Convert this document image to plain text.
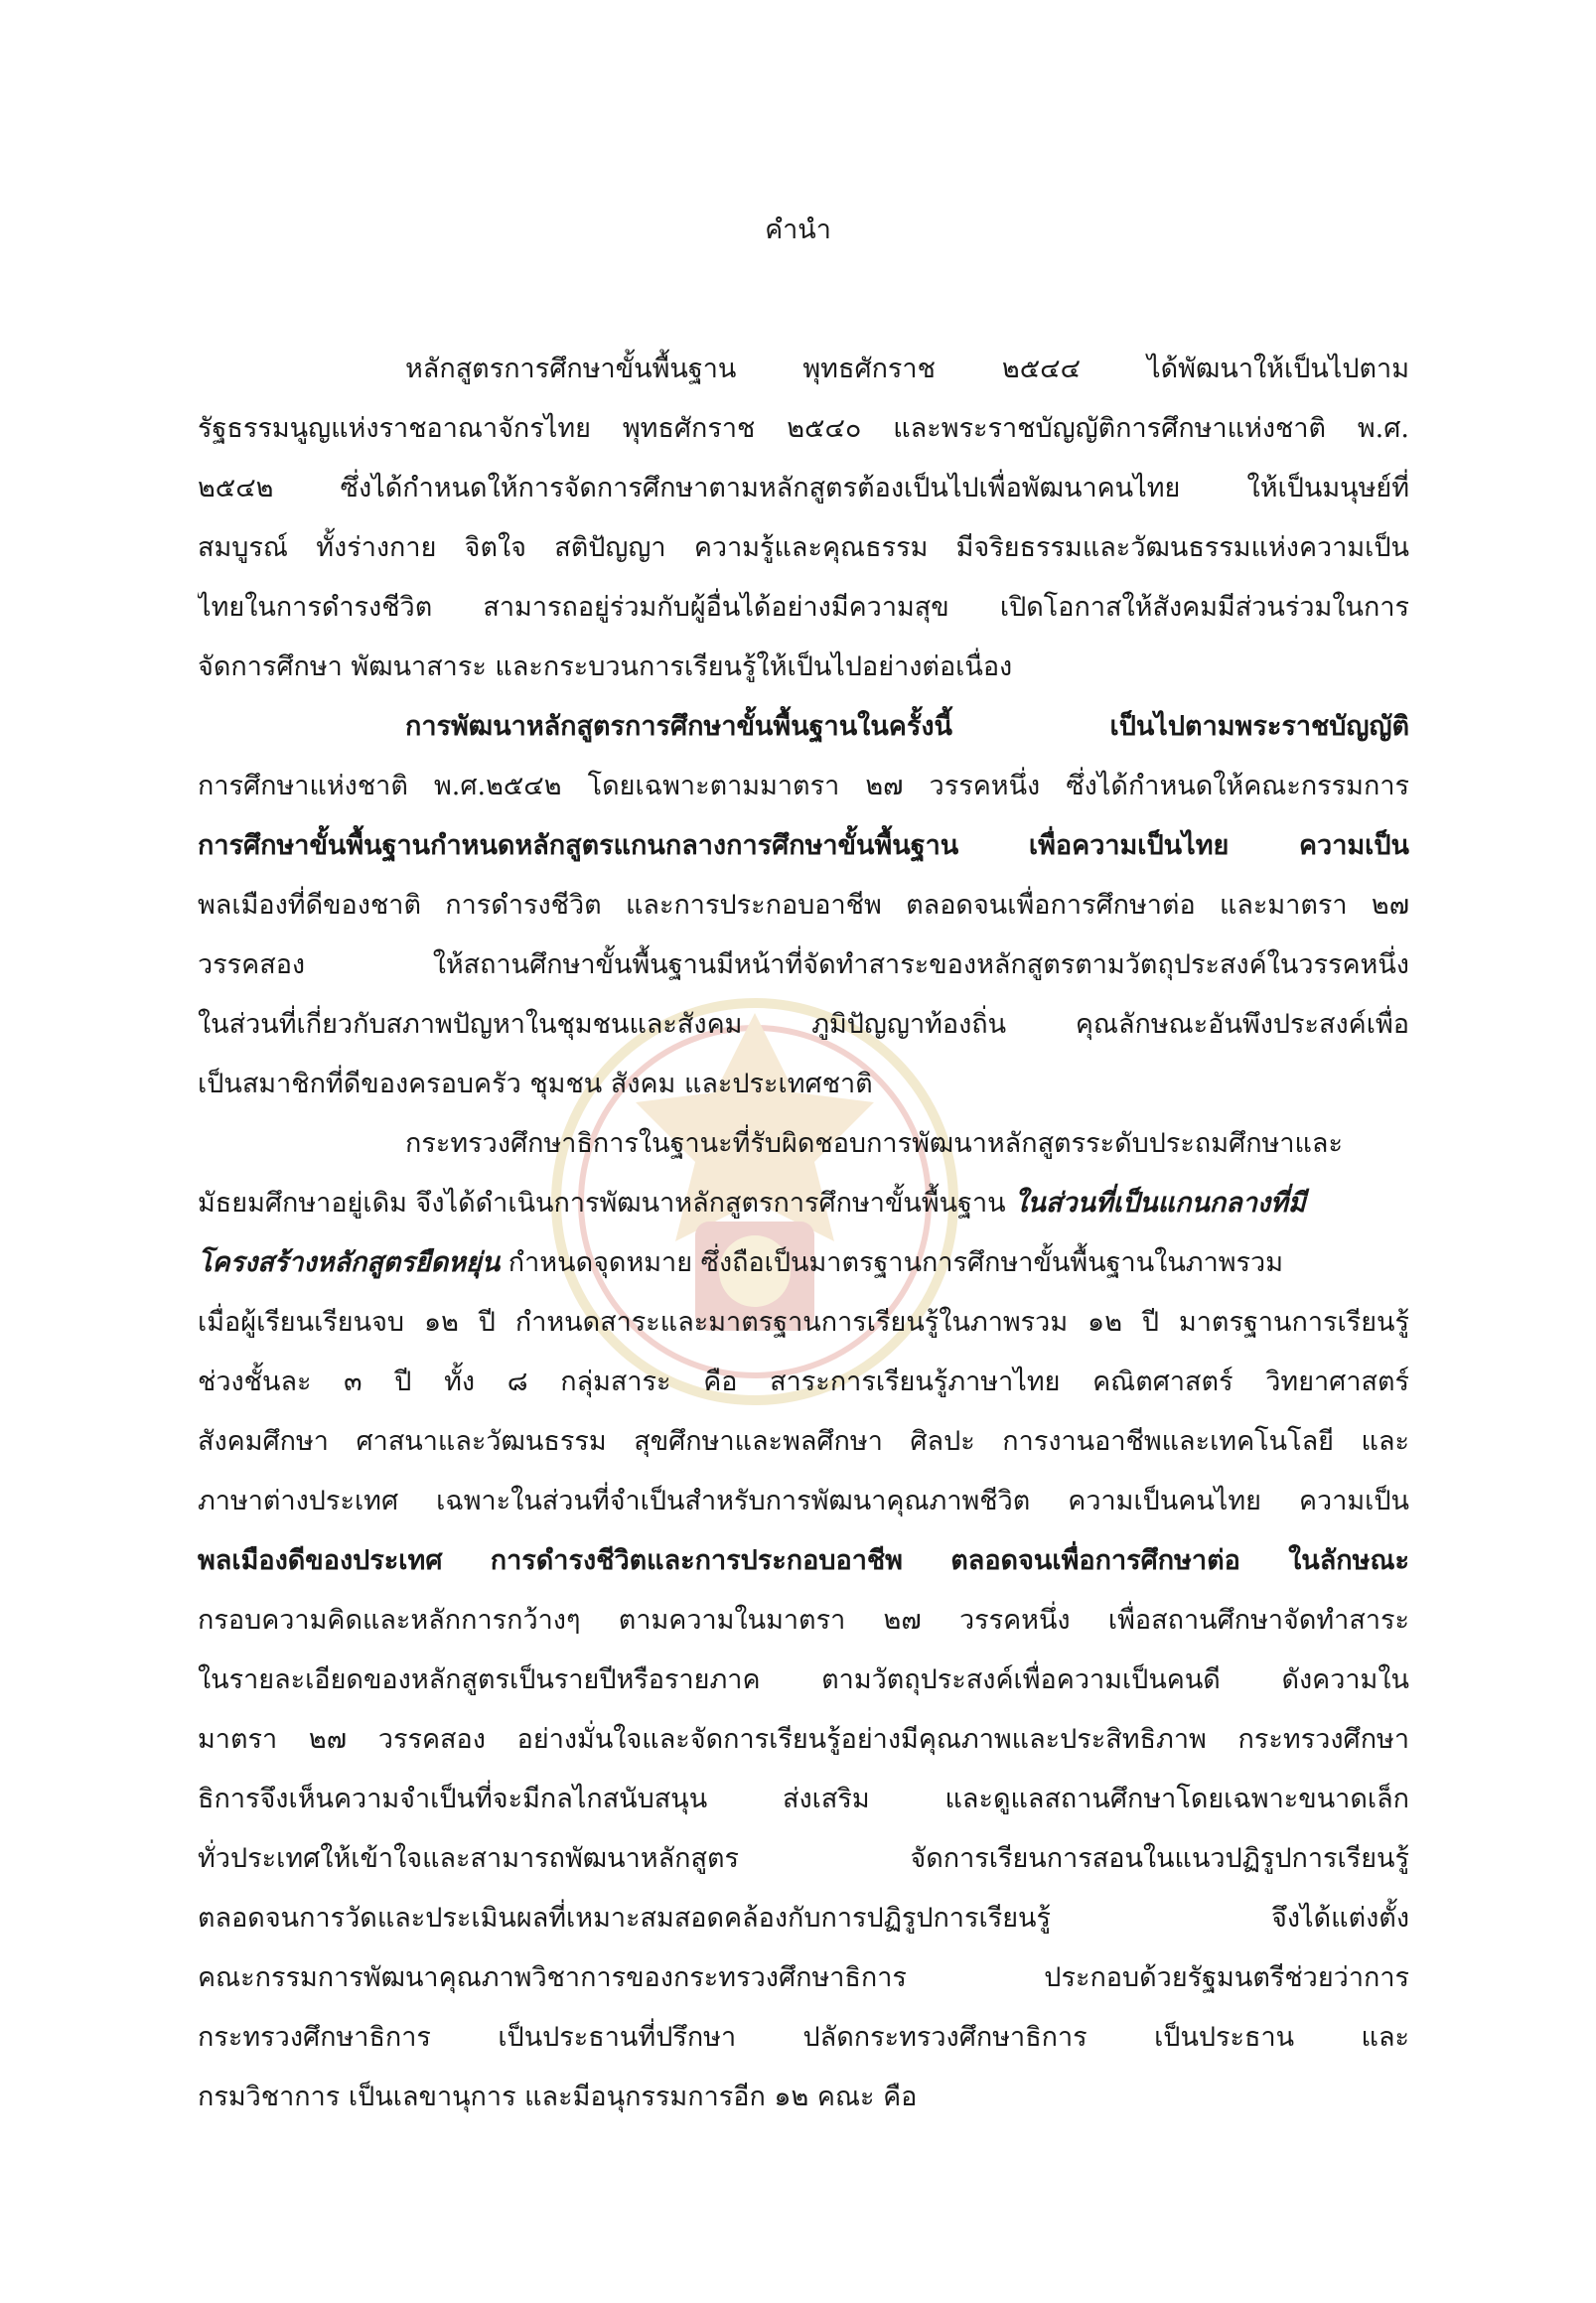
คำนำ
หลักสูตรการศึกษาขั้นพื้นฐาน พุทธศักราช ๒๕๔๔ ได้พัฒนาให้เป็นไปตาม
รัฐธรรมนูญแห่งราชอาณาจักรไทย พุทธศักราช ๒๕๔๐ และพระราชบัญญัติการศึกษาแห่งชาติ พ.ศ.
๒๕๔๒ ซึ่งได้กำหนดให้การจัดการศึกษาตามหลักสูตรต้องเป็นไปเพื่อพัฒนาคนไทย ให้เป็นมนุษย์ที่
สมบูรณ์ ทั้งร่างกาย จิตใจ สติปัญญา ความรู้และคุณธรรม มีจริยธรรมและวัฒนธรรมแห่งความเป็น
ไทยในการดำรงชีวิต สามารถอยู่ร่วมกับผู้อื่นได้อย่างมีความสุข เปิดโอกาสให้สังคมมีส่วนร่วมในการ
จัดการศึกษา พัฒนาสาระ และกระบวนการเรียนรู้ให้เป็นไปอย่างต่อเนื่อง
การพัฒนาหลักสูตรการศึกษาขั้นพื้นฐานในครั้งนี้ เป็นไปตามพระราชบัญญัติ
การศึกษาแห่งชาติ พ.ศ.๒๕๔๒ โดยเฉพาะตามมาตรา ๒๗ วรรคหนึ่ง ซึ่งได้กำหนดให้คณะกรรมการ
การศึกษาขั้นพื้นฐานกำหนดหลักสูตรแกนกลางการศึกษาขั้นพื้นฐาน เพื่อความเป็นไทย ความเป็น
พลเมืองที่ดีของชาติ การดำรงชีวิต และการประกอบอาชีพ ตลอดจนเพื่อการศึกษาต่อ และมาตรา ๒๗
วรรคสอง ให้สถานศึกษาขั้นพื้นฐานมีหน้าที่จัดทำสาระของหลักสูตรตามวัตถุประสงค์ในวรรคหนึ่ง
ในส่วนที่เกี่ยวกับสภาพปัญหาในชุมชนและสังคม ภูมิปัญญาท้องถิ่น คุณลักษณะอันพึงประสงค์เพื่อ
เป็นสมาชิกที่ดีของครอบครัว ชุมชน สังคม และประเทศชาติ
กระทรวงศึกษาธิการในฐานะที่รับผิดชอบการพัฒนาหลักสูตรระดับประถมศึกษาและ
มัธยมศึกษาอยู่เดิม จึงได้ดำเนินการพัฒนาหลักสูตรการศึกษาขั้นพื้นฐาน ในส่วนที่เป็นแกนกลางที่มี
โครงสร้างหลักสูตรยืดหยุ่น กำหนดจุดหมาย ซึ่งถือเป็นมาตรฐานการศึกษาขั้นพื้นฐานในภาพรวม
เมื่อผู้เรียนเรียนจบ ๑๒ ปี กำหนดสาระและมาตรฐานการเรียนรู้ในภาพรวม ๑๒ ปี มาตรฐานการเรียนรู้
ช่วงชั้นละ ๓ ปี ทั้ง ๘ กลุ่มสาระ คือ สาระการเรียนรู้ภาษาไทย คณิตศาสตร์ วิทยาศาสตร์
สังคมศึกษา ศาสนาและวัฒนธรรม สุขศึกษาและพลศึกษา ศิลปะ การงานอาชีพและเทคโนโลยี และ
ภาษาต่างประเทศ เฉพาะในส่วนที่จำเป็นสำหรับการพัฒนาคุณภาพชีวิต ความเป็นคนไทย ความเป็น
พลเมืองดีของประเทศ การดำรงชีวิตและการประกอบอาชีพ ตลอดจนเพื่อการศึกษาต่อ ในลักษณะ
กรอบความคิดและหลักการกว้างๆ ตามความในมาตรา ๒๗ วรรคหนึ่ง เพื่อสถานศึกษาจัดทำสาระ
ในรายละเอียดของหลักสูตรเป็นรายปีหรือรายภาค ตามวัตถุประสงค์เพื่อความเป็นคนดี ดังความใน
มาตรา ๒๗ วรรคสอง อย่างมั่นใจและจัดการเรียนรู้อย่างมีคุณภาพและประสิทธิภาพ กระทรวงศึกษา
ธิการจึงเห็นความจำเป็นที่จะมีกลไกสนับสนุน ส่งเสริม และดูแลสถานศึกษาโดยเฉพาะขนาดเล็ก
ทั่วประเทศให้เข้าใจและสามารถพัฒนาหลักสูตร จัดการเรียนการสอนในแนวปฏิรูปการเรียนรู้
ตลอดจนการวัดและประเมินผลที่เหมาะสมสอดคล้องกับการปฏิรูปการเรียนรู้ จึงได้แต่งตั้ง
คณะกรรมการพัฒนาคุณภาพวิชาการของกระทรวงศึกษาธิการ ประกอบด้วยรัฐมนตรีช่วยว่าการ
กระทรวงศึกษาธิการ เป็นประธานที่ปรึกษา ปลัดกระทรวงศึกษาธิการ เป็นประธาน และ
กรมวิชาการ เป็นเลขานุการ และมีอนุกรรมการอีก ๑๒ คณะ คือ
